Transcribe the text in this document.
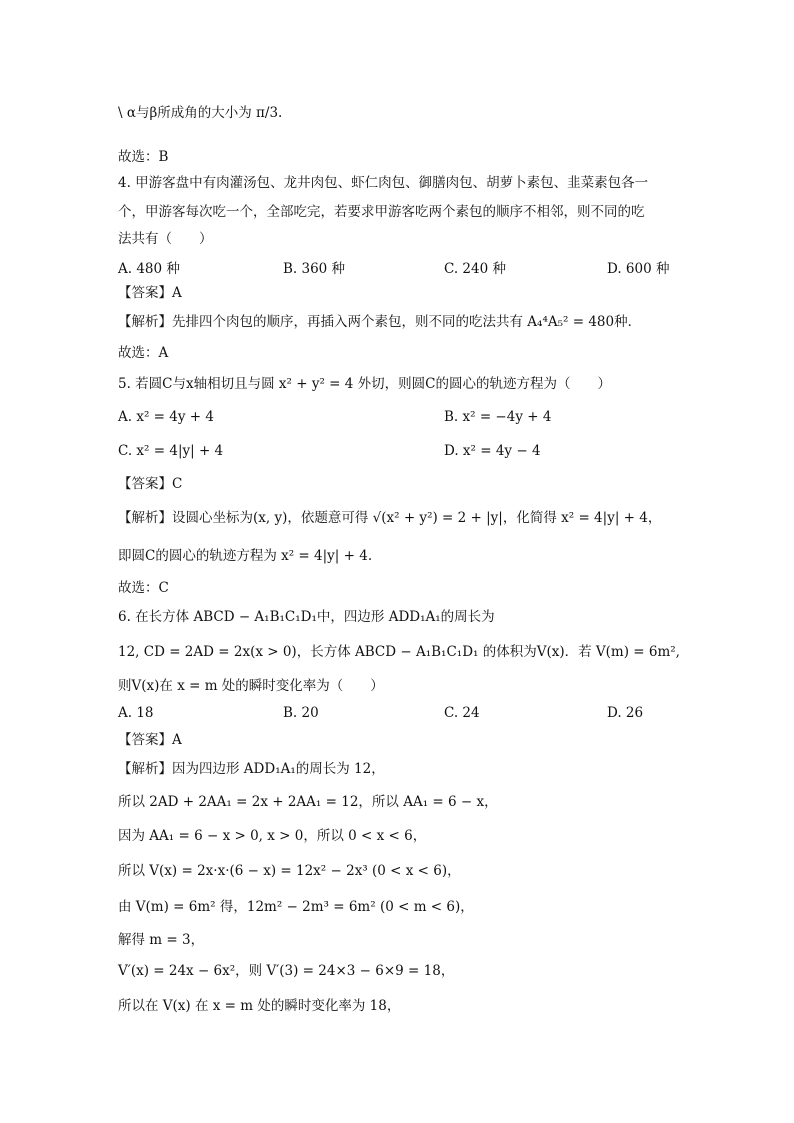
\ α与β所成角的大小为 π/3.
故选：B
4. 甲游客盘中有肉灌汤包、龙井肉包、虾仁肉包、御膳肉包、胡萝卜素包、韭菜素包各一
个，甲游客每次吃一个，全部吃完，若要求甲游客吃两个素包的顺序不相邻，则不同的吃
法共有（　　）
A. 480 种	B. 360 种	C. 240 种	D. 600 种
【答案】A
【解析】先排四个肉包的顺序，再插入两个素包，则不同的吃法共有 A₄⁴A₅² = 480种．
故选：A
5. 若圆C与x轴相切且与圆 x² + y² = 4 外切，则圆C的圆心的轨迹方程为（　　）
A. x² = 4y + 4	B. x² = −4y + 4
C. x² = 4|y| + 4	D. x² = 4y − 4
【答案】C
【解析】设圆心坐标为(x, y)，依题意可得 √(x² + y²) = 2 + |y|，化简得 x² = 4|y| + 4，
即圆C的圆心的轨迹方程为 x² = 4|y| + 4.
故选：C
6. 在长方体 ABCD − A₁B₁C₁D₁中，四边形 ADD₁A₁的周长为
12, CD = 2AD = 2x(x > 0)，长方体 ABCD − A₁B₁C₁D₁ 的体积为V(x)．若 V(m) = 6m²,
则V(x)在 x = m 处的瞬时变化率为（　　）
A. 18	B. 20	C. 24	D. 26
【答案】A
【解析】因为四边形 ADD₁A₁的周长为 12，
所以 2AD + 2AA₁ = 2x + 2AA₁ = 12，所以 AA₁ = 6 − x，
因为 AA₁ = 6 − x > 0, x > 0，所以 0 < x < 6，
所以 V(x) = 2x·x·(6 − x) = 12x² − 2x³ (0 < x < 6)，
由 V(m) = 6m² 得，12m² − 2m³ = 6m² (0 < m < 6)，
解得 m = 3，
V′(x) = 24x − 6x²，则 V′(3) = 24×3 − 6×9 = 18，
所以在 V(x) 在 x = m 处的瞬时变化率为 18，
